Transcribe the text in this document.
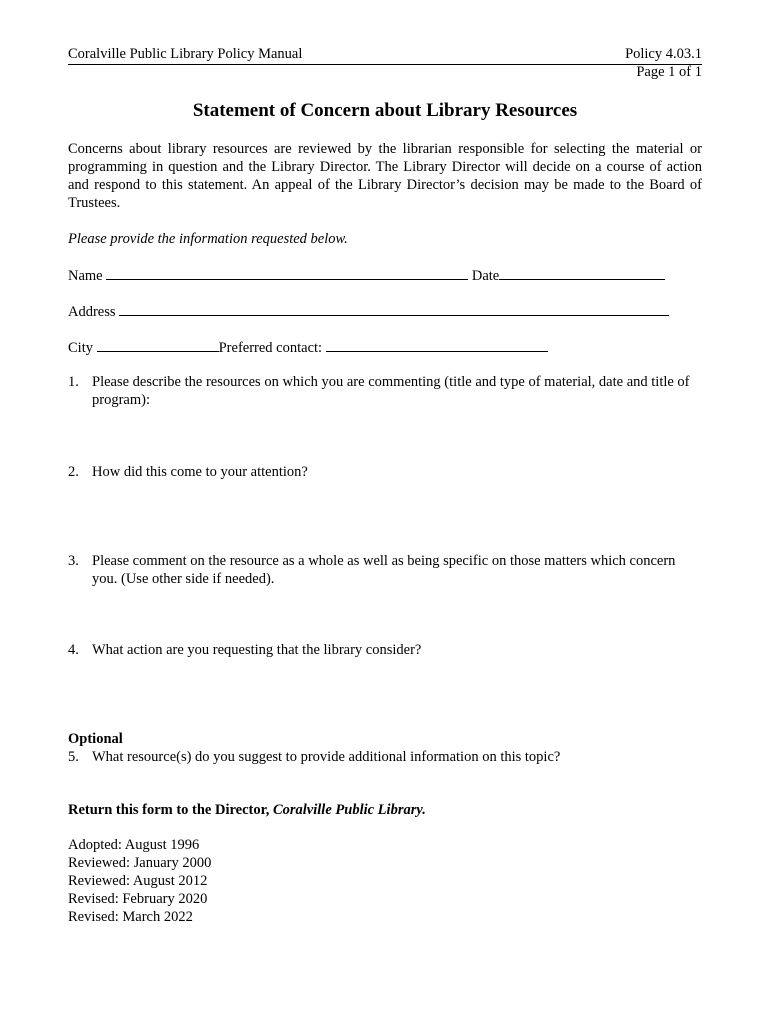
Coralville Public Library Policy Manual	Policy 4.03.1
Page 1 of 1
Statement of Concern about Library Resources
Concerns about library resources are reviewed by the librarian responsible for selecting the material or programming in question and the Library Director. The Library Director will decide on a course of action and respond to this statement. An appeal of the Library Director’s decision may be made to the Board of Trustees.
Please provide the information requested below.
Name	Date
Address
City	Preferred contact:
1. Please describe the resources on which you are commenting (title and type of material, date and title of program):
2. How did this come to your attention?
3. Please comment on the resource as a whole as well as being specific on those matters which concern you. (Use other side if needed).
4. What action are you requesting that the library consider?
Optional
5. What resource(s) do you suggest to provide additional information on this topic?
Return this form to the Director, Coralville Public Library.
Adopted: August 1996
Reviewed: January 2000
Reviewed: August 2012
Revised: February 2020
Revised: March 2022
